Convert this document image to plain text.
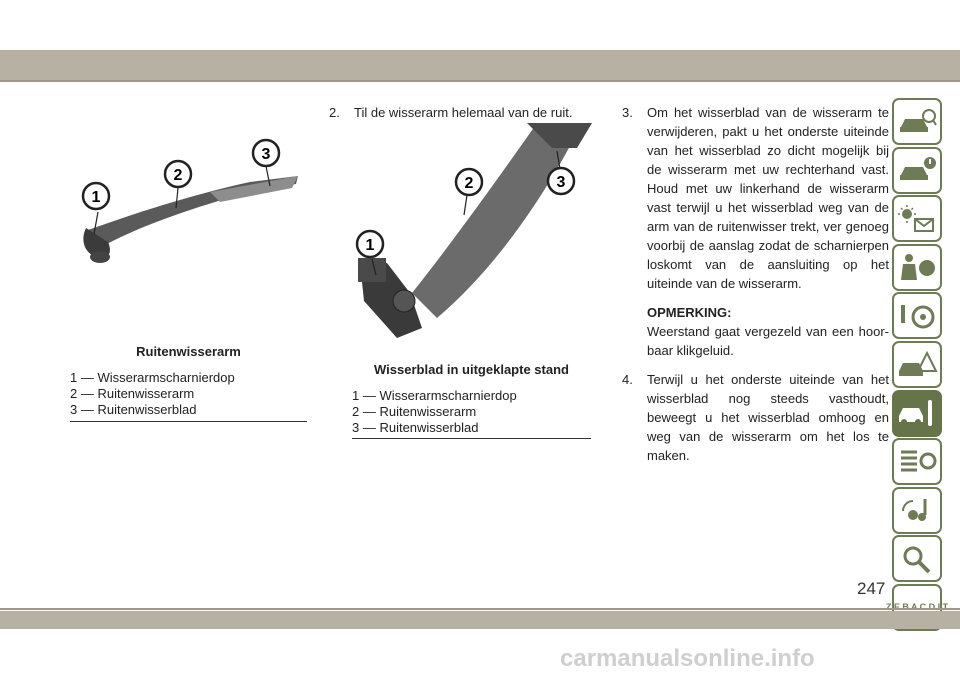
1
2
3
Ruitenwisserarm
1 — Wisserarmscharnierdop
2 — Ruitenwisserarm
3 — Ruitenwisserblad
2. Til de wisserarm helemaal van de ruit.
1
2	3
Wisserblad in uitgeklapte stand
1 — Wisserarmscharnierdop
2 — Ruitenwisserarm
3 — Ruitenwisserblad
3. Om het wisserblad van de wisserarm te verwijderen, pakt u het onderste uiteinde van het wisserblad zo dicht mogelijk bij de wisserarm met uw rechterhand vast. Houd met uw linkerhand de wisserarm vast terwijl u het wisserblad weg van de arm van de ruitenwisser trekt, ver genoeg voorbij de aanslag zodat de scharnierpen loskomt van de aansluiting op het uiteinde van de wisserarm.
OPMERKING:
Weerstand gaat vergezeld van een hoorbaar klikgeluid.
4. Terwijl u het onderste uiteinde van het wisserblad nog steeds vasthoudt, beweegt u het wisserblad omhoog en weg van de wisserarm om het los te maken.
247
carmanualsonline.info
